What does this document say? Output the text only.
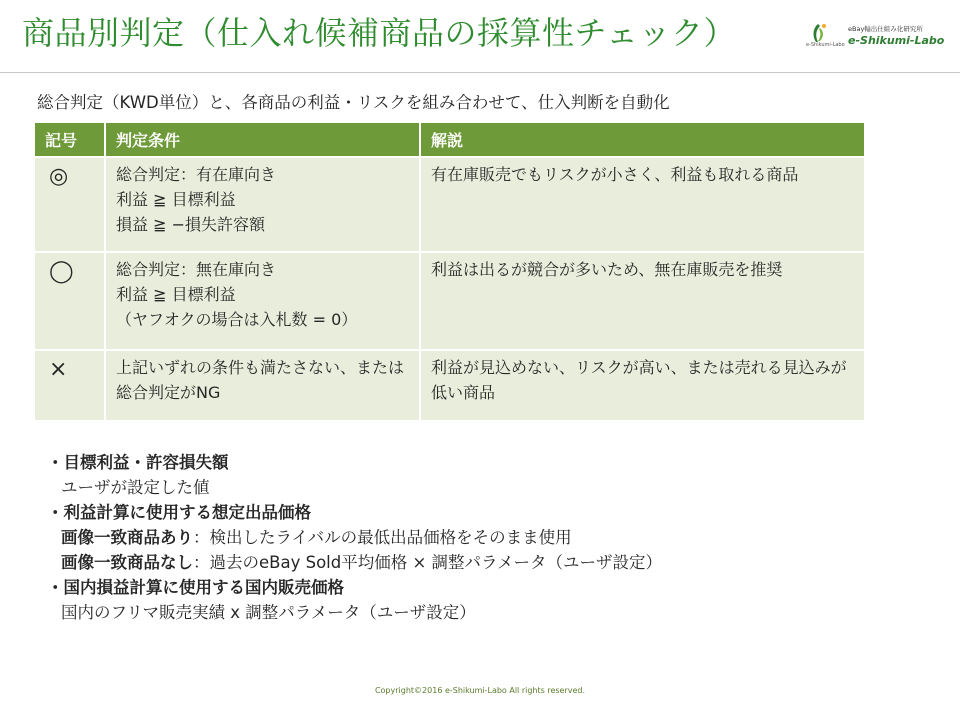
商品別判定（仕入れ候補商品の採算性チェック）	e-Shikumi-Labo
eBay輸出仕組み化研究所
e-Shikumi-Labo
総合判定（KWD単位）と、各商品の利益・リスクを組み合わせて、仕入判断を自動化
記号	判定条件	解説
◎	総合判定：有在庫向き
利益 ≧ 目標利益
損益 ≧ −損失許容額	有在庫販売でもリスクが小さく、利益も取れる商品
◯	総合判定：無在庫向き
利益 ≧ 目標利益
（ヤフオクの場合は入札数 = 0）	利益は出るが競合が多いため、無在庫販売を推奨
×	上記いずれの条件も満たさない、または総合判定がNG	利益が見込めない、リスクが高い、または売れる見込みが低い商品
・目標利益・許容損失額
ユーザが設定した値
・利益計算に使用する想定出品価格
画像一致商品あり：検出したライバルの最低出品価格をそのまま使用
画像一致商品なし：過去のeBay Sold平均価格 × 調整パラメータ（ユーザ設定）
・国内損益計算に使用する国内販売価格
国内のフリマ販売実績 x 調整パラメータ（ユーザ設定）
Copyright©2016 e-Shikumi-Labo All rights reserved.
